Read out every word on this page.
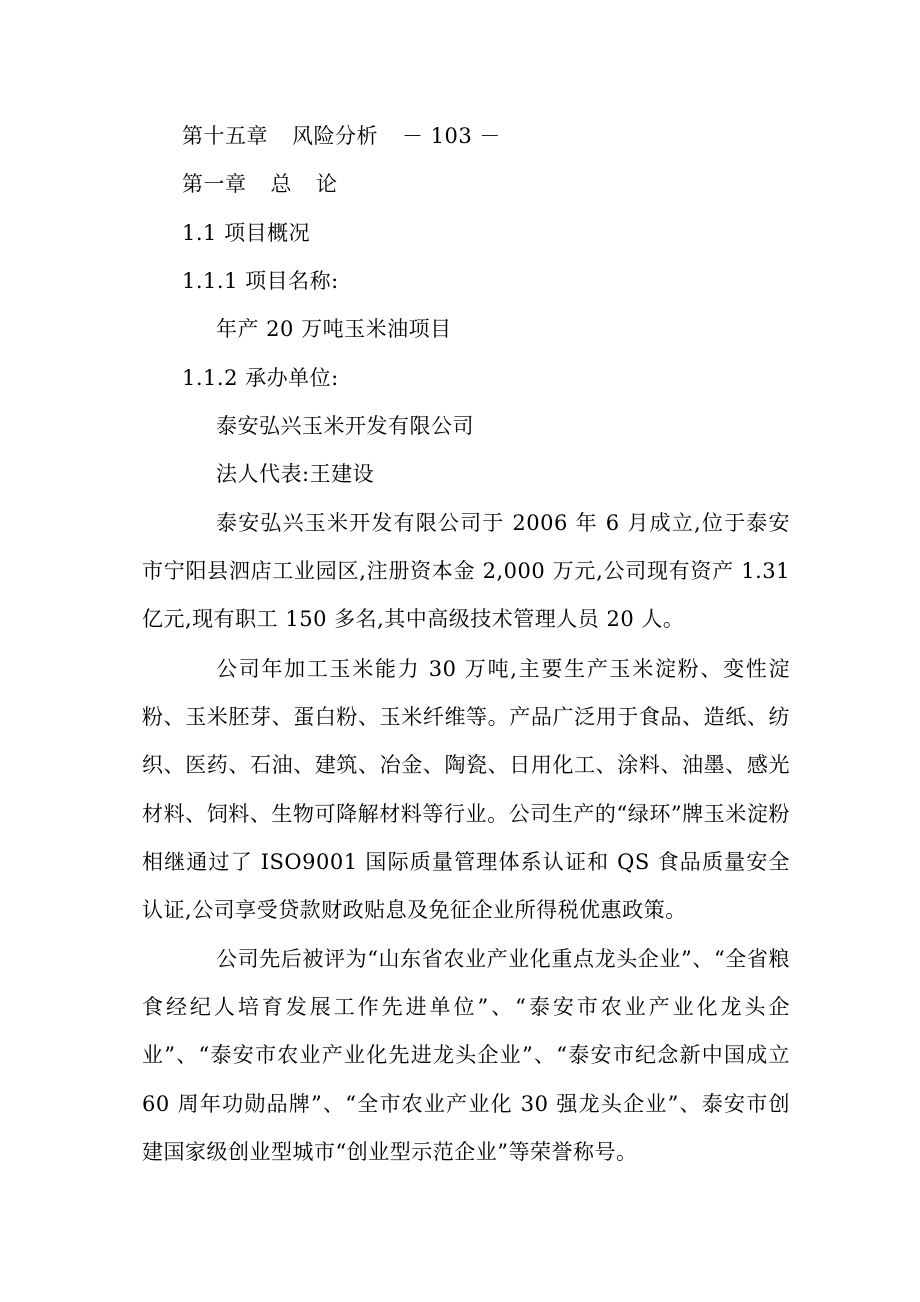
第十五章 风险分析 － 103 －
第一章 总 论
1.1 项目概况
1.1.1 项目名称:
年产 20 万吨玉米油项目
1.1.2 承办单位:
泰安弘兴玉米开发有限公司
法人代表:王建设
泰安弘兴玉米开发有限公司于 2006 年 6 月成立,位于泰安市宁阳县泗店工业园区,注册资本金 2,000 万元,公司现有资产 1.31 亿元,现有职工 150 多名,其中高级技术管理人员 20 人。
公司年加工玉米能力 30 万吨,主要生产玉米淀粉、变性淀粉、玉米胚芽、蛋白粉、玉米纤维等。产品广泛用于食品、造纸、纺织、医药、石油、建筑、冶金、陶瓷、日用化工、涂料、油墨、感光材料、饲料、生物可降解材料等行业。公司生产的“绿环”牌玉米淀粉相继通过了 ISO9001 国际质量管理体系认证和 QS 食品质量安全认证,公司享受贷款财政贴息及免征企业所得税优惠政策。
公司先后被评为“山东省农业产业化重点龙头企业”、“全省粮食经纪人培育发展工作先进单位”、“泰安市农业产业化龙头企业”、“泰安市农业产业化先进龙头企业”、“泰安市纪念新中国成立 60 周年功勋品牌”、“全市农业产业化 30 强龙头企业”、泰安市创建国家级创业型城市“创业型示范企业”等荣誉称号。
